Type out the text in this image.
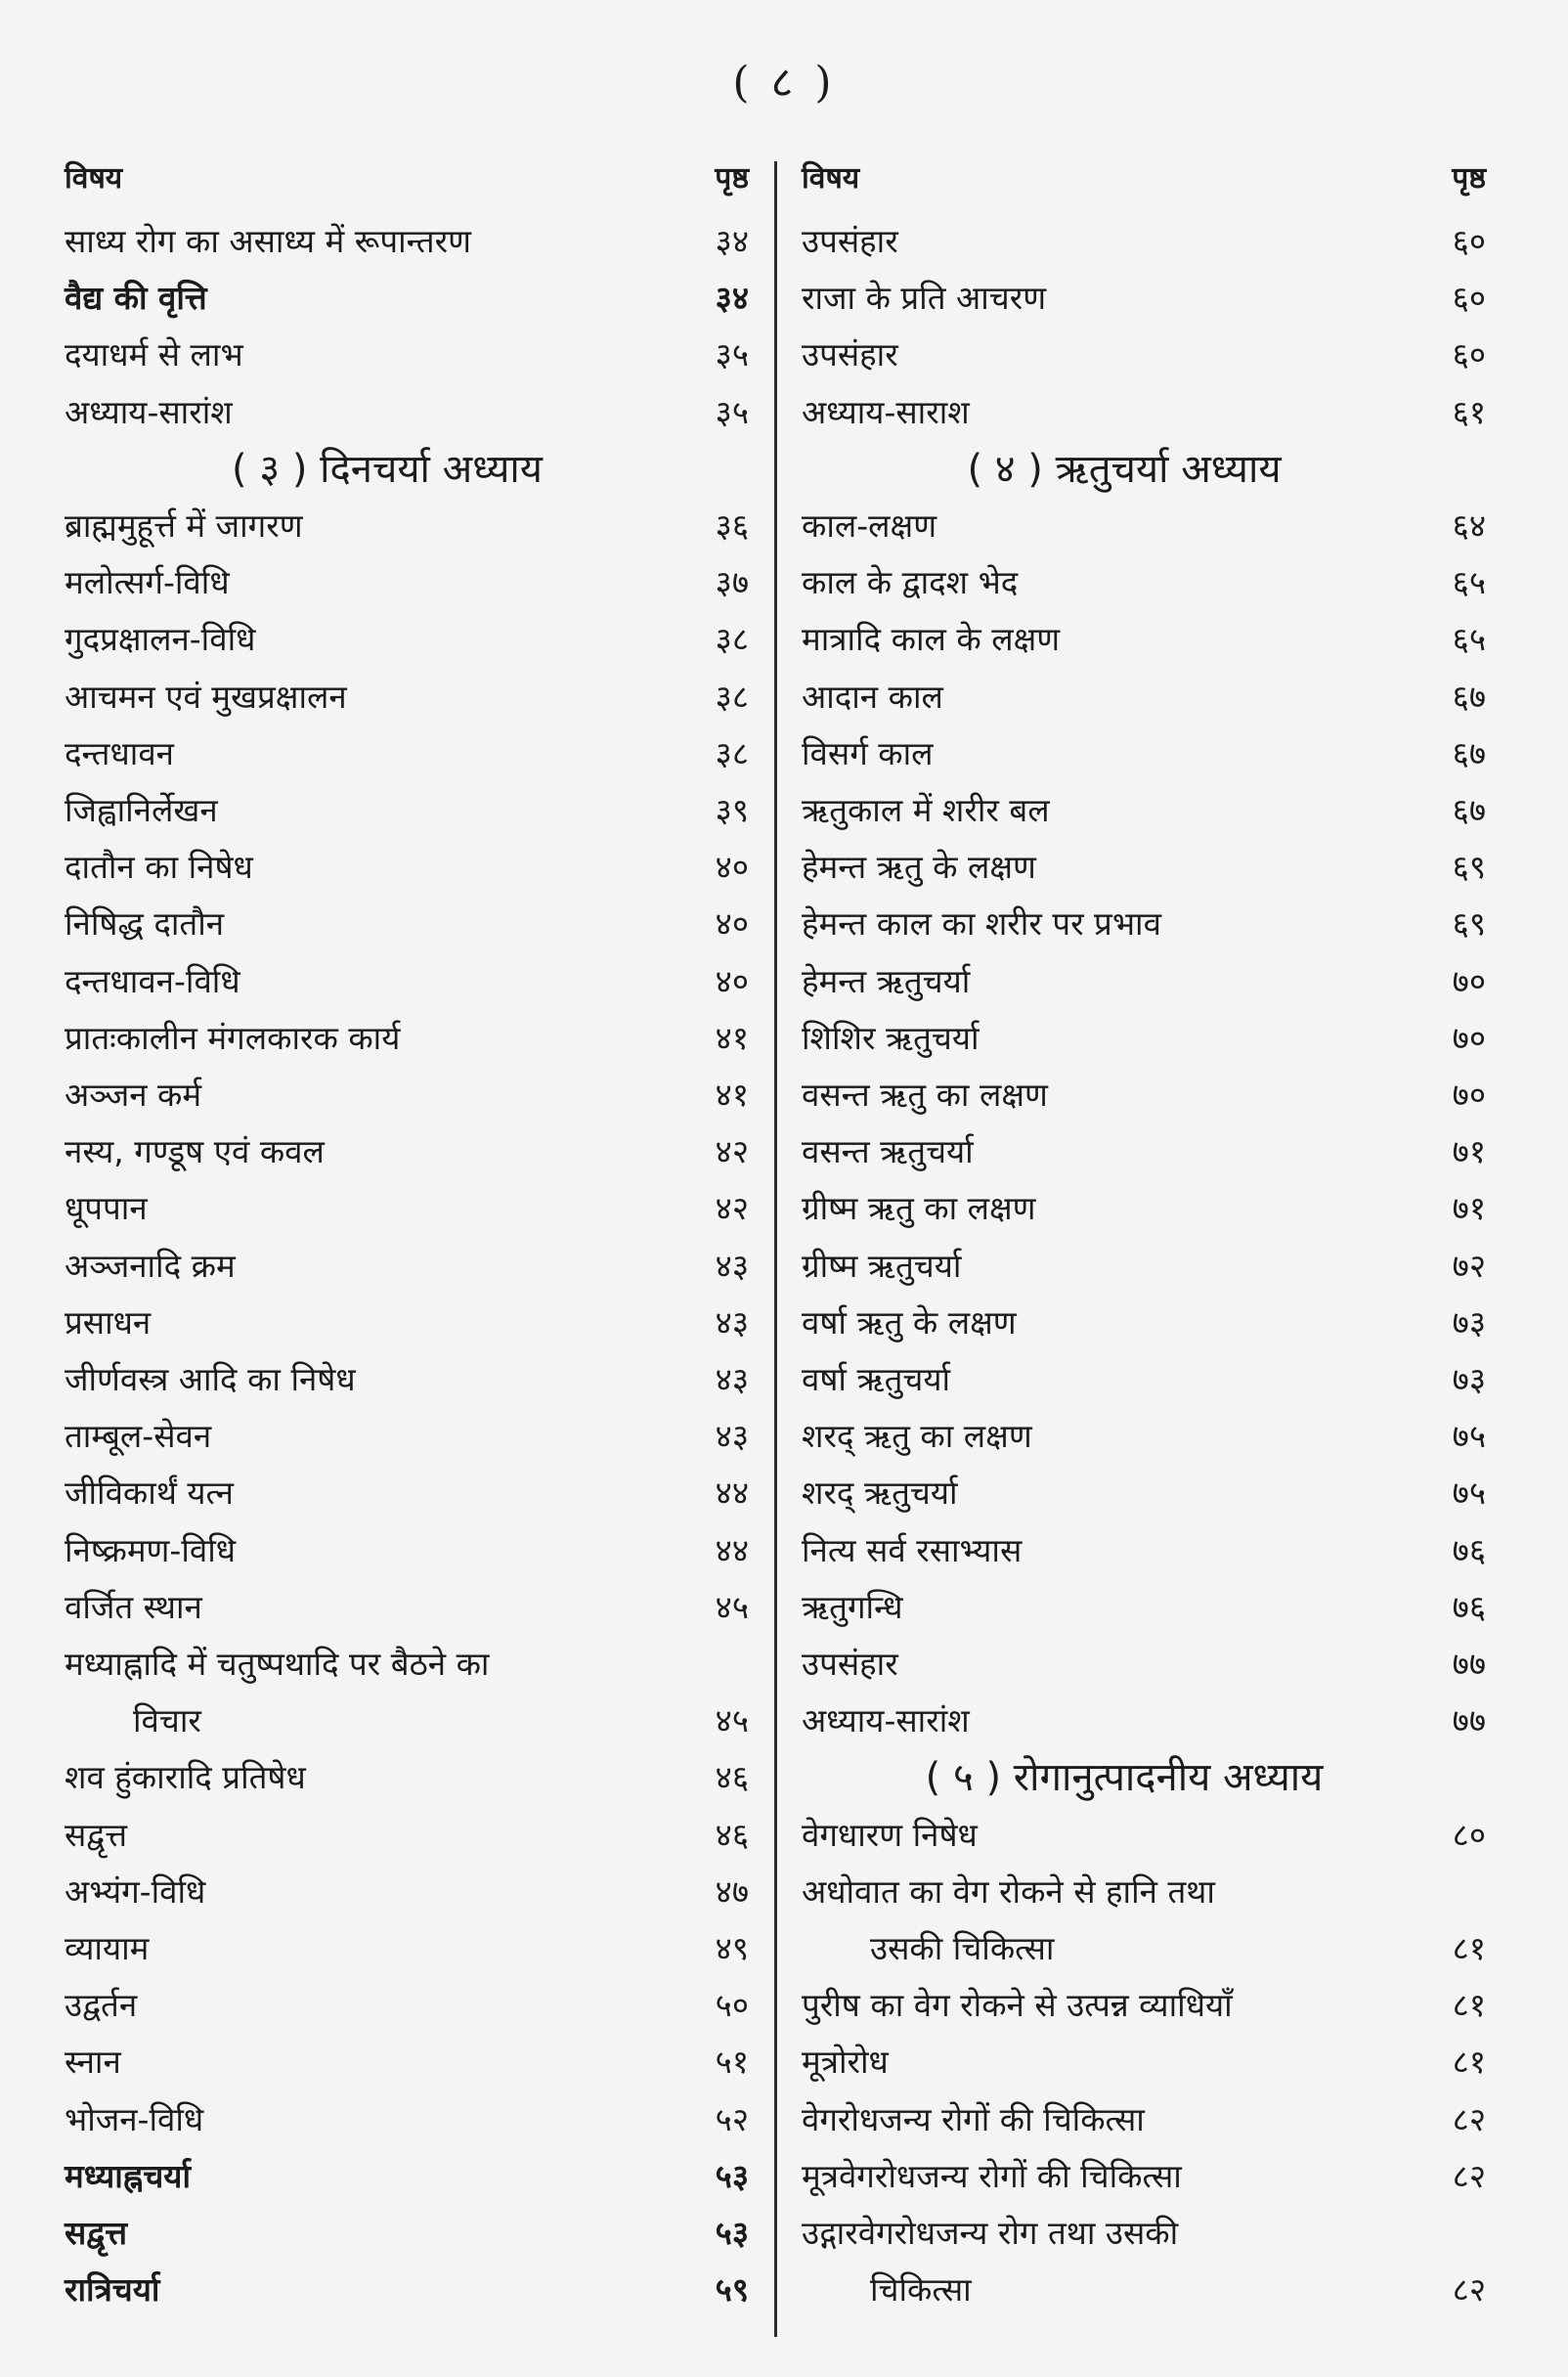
( ८ )
विषय	पृष्ठ
साध्य रोग का असाध्य में रूपान्तरण	३४
वैद्य की वृत्ति	३४
दयाधर्म से लाभ	३५
अध्याय-सारांश	३५
( ३ ) दिनचर्या अध्याय
ब्राह्ममुहूर्त्त में जागरण	३६
मलोत्सर्ग-विधि	३७
गुदप्रक्षालन-विधि	३८
आचमन एवं मुखप्रक्षालन	३८
दन्तधावन	३८
जिह्वानिर्लेखन	३९
दातौन का निषेध	४०
निषिद्ध दातौन	४०
दन्तधावन-विधि	४०
प्रातःकालीन मंगलकारक कार्य	४१
अञ्जन कर्म	४१
नस्य, गण्डूष एवं कवल	४२
धूपपान	४२
अञ्जनादि क्रम	४३
प्रसाधन	४३
जीर्णवस्त्र आदि का निषेध	४३
ताम्बूल-सेवन	४३
जीविकार्थं यत्न	४४
निष्क्रमण-विधि	४४
वर्जित स्थान	४५
मध्याह्नादि में चतुष्पथादि पर बैठने का
विचार	४५
शव हुंकारादि प्रतिषेध	४६
सद्वृत्त	४६
अभ्यंग-विधि	४७
व्यायाम	४९
उद्वर्तन	५०
स्नान	५१
भोजन-विधि	५२
मध्याह्नचर्या	५३
सद्वृत्त	५३
रात्रिचर्या	५९
विषय	पृष्ठ
उपसंहार	६०
राजा के प्रति आचरण	६०
उपसंहार	६०
अध्याय-साराश	६१
( ४ ) ऋतुचर्या अध्याय
काल-लक्षण	६४
काल के द्वादश भेद	६५
मात्रादि काल के लक्षण	६५
आदान काल	६७
विसर्ग काल	६७
ऋतुकाल में शरीर बल	६७
हेमन्त ऋतु के लक्षण	६९
हेमन्त काल का शरीर पर प्रभाव	६९
हेमन्त ऋतुचर्या	७०
शिशिर ऋतुचर्या	७०
वसन्त ऋतु का लक्षण	७०
वसन्त ऋतुचर्या	७१
ग्रीष्म ऋतु का लक्षण	७१
ग्रीष्म ऋतुचर्या	७२
वर्षा ऋतु के लक्षण	७३
वर्षा ऋतुचर्या	७३
शरद् ऋतु का लक्षण	७५
शरद् ऋतुचर्या	७५
नित्य सर्व रसाभ्यास	७६
ऋतुगन्धि	७६
उपसंहार	७७
अध्याय-सारांश	७७
( ५ ) रोगानुत्पादनीय अध्याय
वेगधारण निषेध	८०
अधोवात का वेग रोकने से हानि तथा
उसकी चिकित्सा	८१
पुरीष का वेग रोकने से उत्पन्न व्याधियाँ	८१
मूत्रोरोध	८१
वेगरोधजन्य रोगों की चिकित्सा	८२
मूत्रवेगरोधजन्य रोगों की चिकित्सा	८२
उद्गारवेगरोधजन्य रोग तथा उसकी
चिकित्सा	८२
